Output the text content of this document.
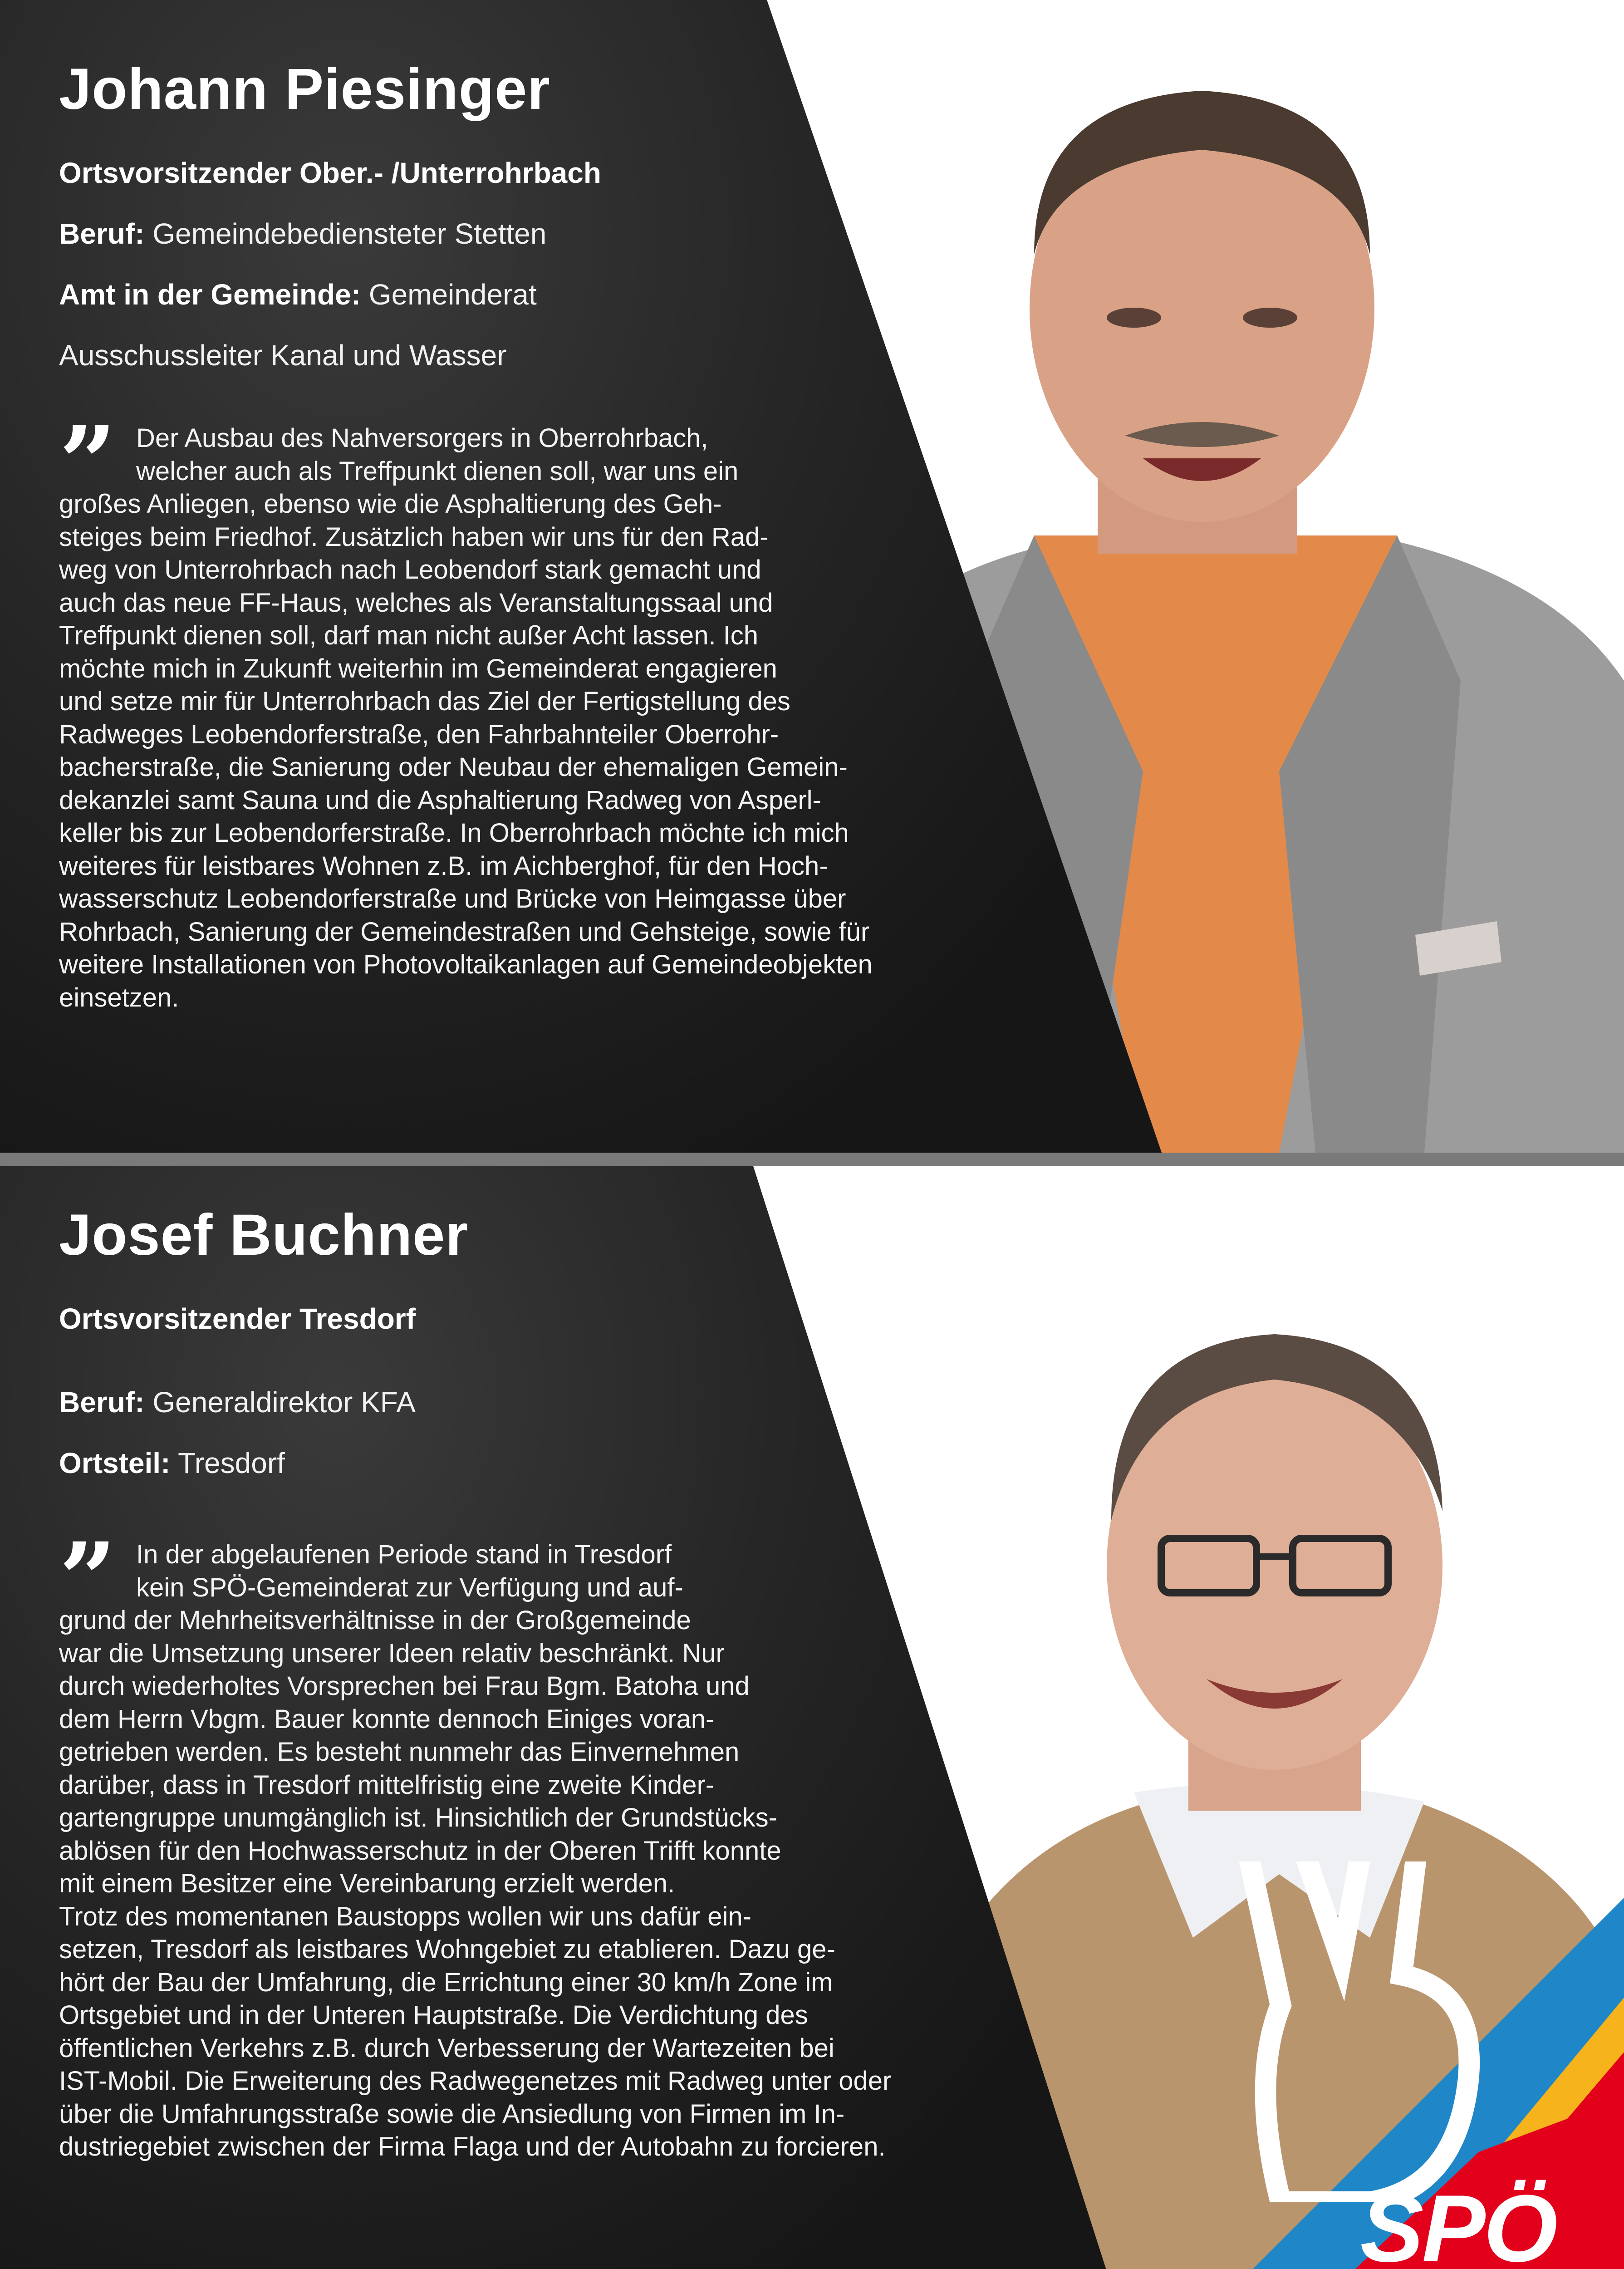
Johann Piesinger
Ortsvorsitzender Ober.- /Unterrohrbach
Beruf: Gemeindebediensteter Stetten
Amt in der Gemeinde: Gemeinderat
Ausschussleiter Kanal und Wasser
” Der Ausbau des Nahversorgers in Oberrohrbach,
welcher auch als Treffpunkt dienen soll, war uns ein
großes Anliegen, ebenso wie die Asphaltierung des Geh-
steiges beim Friedhof. Zusätzlich haben wir uns für den Rad-
weg von Unterrohrbach nach Leobendorf stark gemacht und
auch das neue FF-Haus, welches als Veranstaltungssaal und
Treffpunkt dienen soll, darf man nicht außer Acht lassen. Ich
möchte mich in Zukunft weiterhin im Gemeinderat engagieren
und setze mir für Unterrohrbach das Ziel der Fertigstellung des
Radweges Leobendorferstraße, den Fahrbahnteiler Oberrohr-
bacherstraße, die Sanierung oder Neubau der ehemaligen Gemein-
dekanzlei samt Sauna und die Asphaltierung Radweg von Asperl-
keller bis zur Leobendorferstraße. In Oberrohrbach möchte ich mich
weiteres für leistbares Wohnen z.B. im Aichberghof, für den Hoch-
wasserschutz Leobendorferstraße und Brücke von Heimgasse über
Rohrbach, Sanierung der Gemeindestraßen und Gehsteige, sowie für
weitere Installationen von Photovoltaikanlagen auf Gemeindeobjekten
einsetzen.
Josef Buchner
Ortsvorsitzender Tresdorf
Beruf: Generaldirektor KFA
Ortsteil: Tresdorf
” In der abgelaufenen Periode stand in Tresdorf
kein SPÖ-Gemeinderat zur Verfügung und auf-
grund der Mehrheitsverhältnisse in der Großgemeinde
war die Umsetzung unserer Ideen relativ beschränkt. Nur
durch wiederholtes Vorsprechen bei Frau Bgm. Batoha und
dem Herrn Vbgm. Bauer konnte dennoch Einiges voran-
getrieben werden. Es besteht nunmehr das Einvernehmen
darüber, dass in Tresdorf mittelfristig eine zweite Kinder-
gartengruppe unumgänglich ist. Hinsichtlich der Grundstücks-
ablösen für den Hochwasserschutz in der Oberen Trifft konnte
mit einem Besitzer eine Vereinbarung erzielt werden.
Trotz des momentanen Baustopps wollen wir uns dafür ein-
setzen, Tresdorf als leistbares Wohngebiet zu etablieren. Dazu ge-
hört der Bau der Umfahrung, die Errichtung einer 30 km/h Zone im
Ortsgebiet und in der Unteren Hauptstraße. Die Verdichtung des
öffentlichen Verkehrs z.B. durch Verbesserung der Wartezeiten bei
IST-Mobil. Die Erweiterung des Radwegenetzes mit Radweg unter oder
über die Umfahrungsstraße sowie die Ansiedlung von Firmen im In-
dustriegebiet zwischen der Firma Flaga und der Autobahn zu forcieren.
SPÖ
